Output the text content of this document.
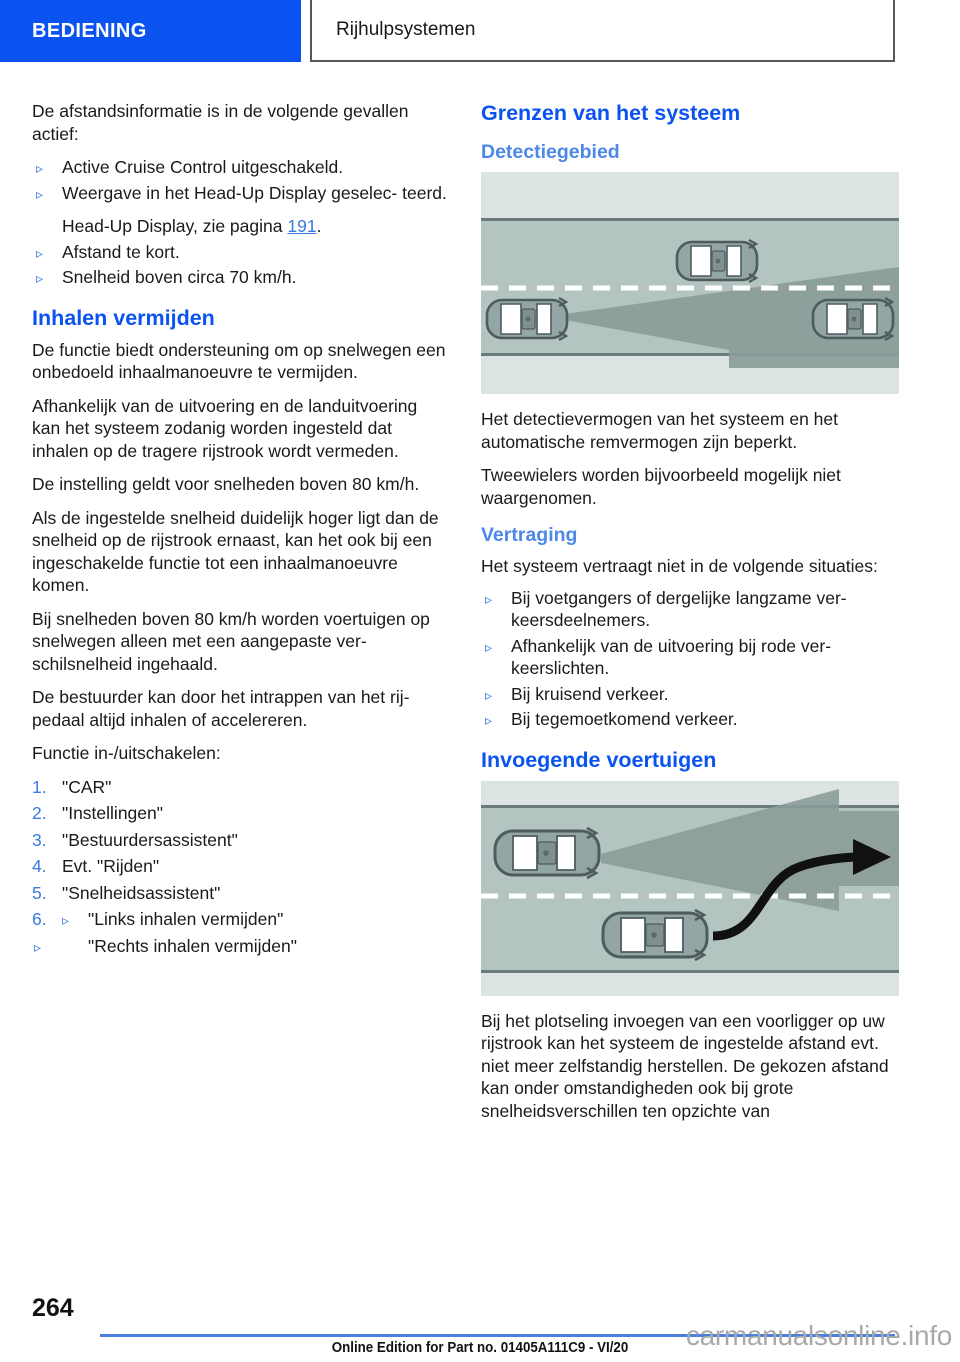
BEDIENING	Rijhulpsystemen

De afstandsinformatie is in de volgende gevallen actief:

▹ Active Cruise Control uitgeschakeld.
▹ Weergave in het Head-Up Display geselec- teerd.
Head-Up Display, zie pagina 191.
▹ Afstand te kort.
▹ Snelheid boven circa 70 km/h.
Inhalen vermijden

De functie biedt ondersteuning om op snelwegen een onbedoeld inhaalmanoeuvre te vermijden.

Afhankelijk van de uitvoering en de landuitvoering kan het systeem zodanig worden ingesteld dat inhalen op de tragere rijstrook wordt vermeden.

De instelling geldt voor snelheden boven 80 km/h.

Als de ingestelde snelheid duidelijk hoger ligt dan de snelheid op de rijstrook ernaast, kan het ook bij een ingeschakelde functie tot een inhaalmanoeuvre komen.

Bij snelheden boven 80 km/h worden voertuigen op snelwegen alleen met een aangepaste verschilsnelheid ingehaald.

De bestuurder kan door het intrappen van het rijpedaal altijd inhalen of accelereren.

Functie in-/uitschakelen:

1. "CAR"
2. "Instellingen"
3. "Bestuurdersassistent"
4. Evt. "Rijden"
5. "Snelheidsassistent"
6. ▹ "Links inhalen vermijden"
▹	"Rechts inhalen vermijden"
Grenzen van het systeem
Detectiegebied

Het detectievermogen van het systeem en het automatische remvermogen zijn beperkt.

Tweewielers worden bijvoorbeeld mogelijk niet waargenomen.

Vertraging

Het systeem vertraagt niet in de volgende situaties:

▹ Bij voetgangers of dergelijke langzame verkeersdeelnemers.
▹ Afhankelijk van de uitvoering bij rode verkeerslichten.
▹ Bij kruisend verkeer.
▹ Bij tegemoetkomend verkeer.
Invoegende voertuigen

Bij het plotseling invoegen van een voorligger op uw rijstrook kan het systeem de ingestelde afstand evt. niet meer zelfstandig herstellen. De gekozen afstand kan onder omstandigheden ook bij grote snelheidsverschillen ten opzichte van

264
Online Edition for Part no. 01405A111C9 - VI/20	carmanualsonline.info
